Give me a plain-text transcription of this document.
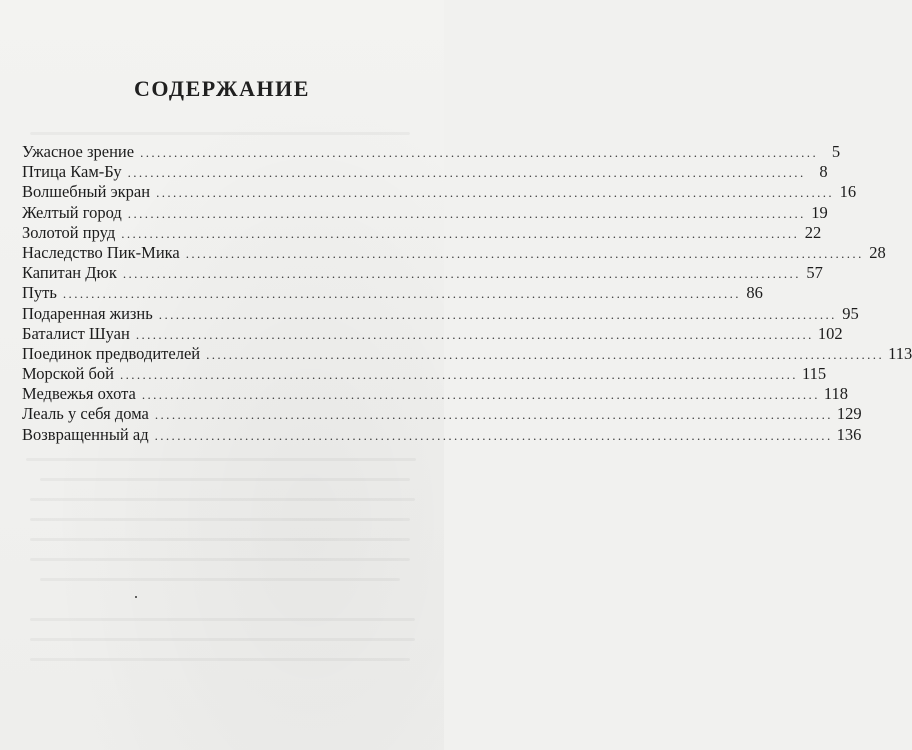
СОДЕРЖАНИЕ
Ужасное зрение ........................................................................................................................ 5
Птица Кам-Бу ........................................................................................................................ 8
Волшебный экран ........................................................................................................................ 16
Желтый город ........................................................................................................................ 19
Золотой пруд ........................................................................................................................ 22
Наследство Пик-Мика ........................................................................................................................ 28
Капитан Дюк ........................................................................................................................ 57
Путь ........................................................................................................................ 86
Подаренная жизнь ........................................................................................................................ 95
Баталист Шуан ........................................................................................................................ 102
Поединок предводителей ........................................................................................................................ 113
Морской бой ........................................................................................................................ 115
Медвежья охота ........................................................................................................................ 118
Леаль у себя дома ........................................................................................................................ 129
Возвращенный ад ........................................................................................................................ 136
